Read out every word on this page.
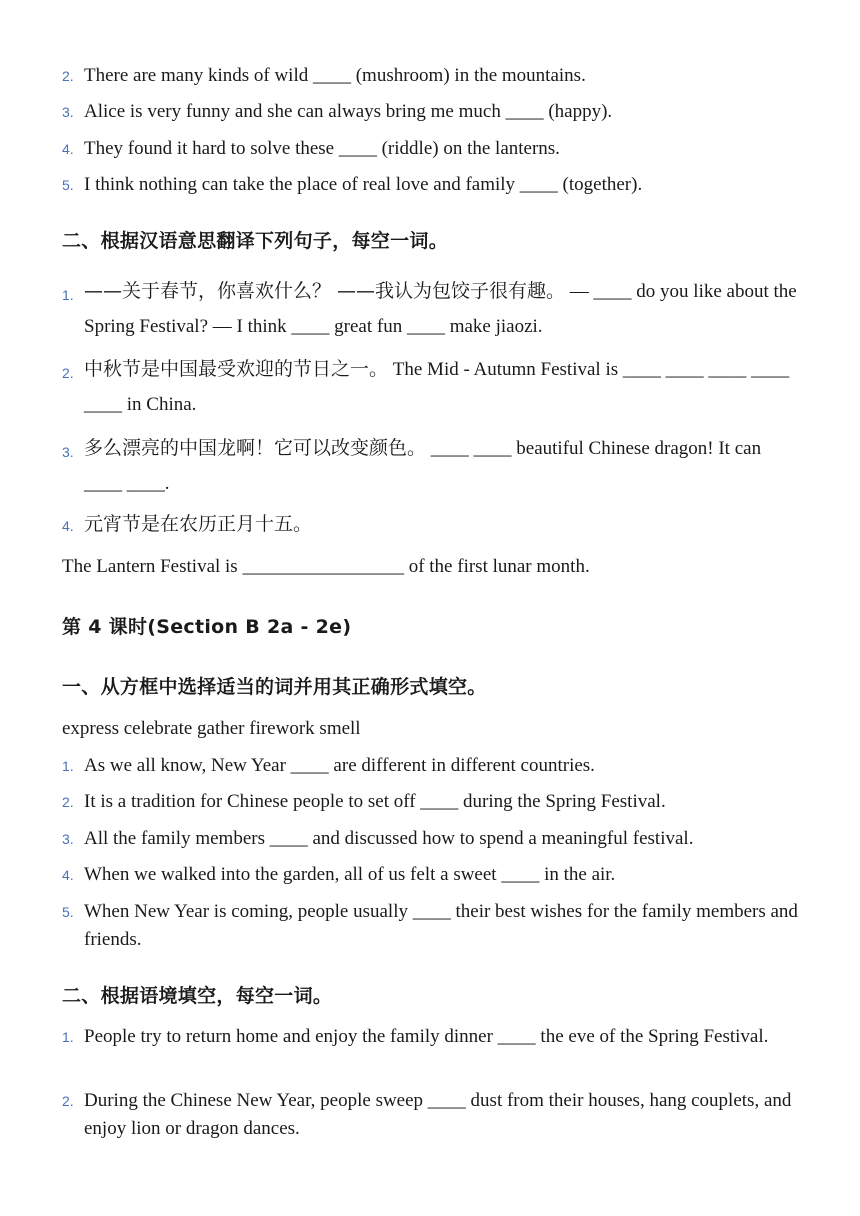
2. There are many kinds of wild ____ (mushroom) in the mountains.
3. Alice is very funny and she can always bring me much ____ (happy).
4. They found it hard to solve these ____ (riddle) on the lanterns.
5. I think nothing can take the place of real love and family ____ (together).
二、根据汉语意思翻译下列句子，每空一词。
1. ——关于春节，你喜欢什么？ ——我认为包饺子很有趣。 — ____ do you like about the Spring Festival? — I think ____ great fun ____ make jiaozi.
2. 中秋节是中国最受欢迎的节日之一。 The Mid - Autumn Festival is ____ ____ ____ ____ ____ in China.
3. 多么漂亮的中国龙啊！它可以改变颜色。 ____ ____ beautiful Chinese dragon! It can ____ ____.
4. 元宵节是在农历正月十五。
The Lantern Festival is _________________ of the first lunar month.
第 4 课时(Section B 2a - 2e)
一、从方框中选择适当的词并用其正确形式填空。
express celebrate gather firework smell
1. As we all know, New Year ____ are different in different countries.
2. It is a tradition for Chinese people to set off ____ during the Spring Festival.
3. All the family members ____ and discussed how to spend a meaningful festival.
4. When we walked into the garden, all of us felt a sweet ____ in the air.
5. When New Year is coming, people usually ____ their best wishes for the family members and friends.
二、根据语境填空，每空一词。
1. People try to return home and enjoy the family dinner ____ the eve of the Spring Festival.
2. During the Chinese New Year, people sweep ____ dust from their houses, hang couplets, and enjoy lion or dragon dances.
